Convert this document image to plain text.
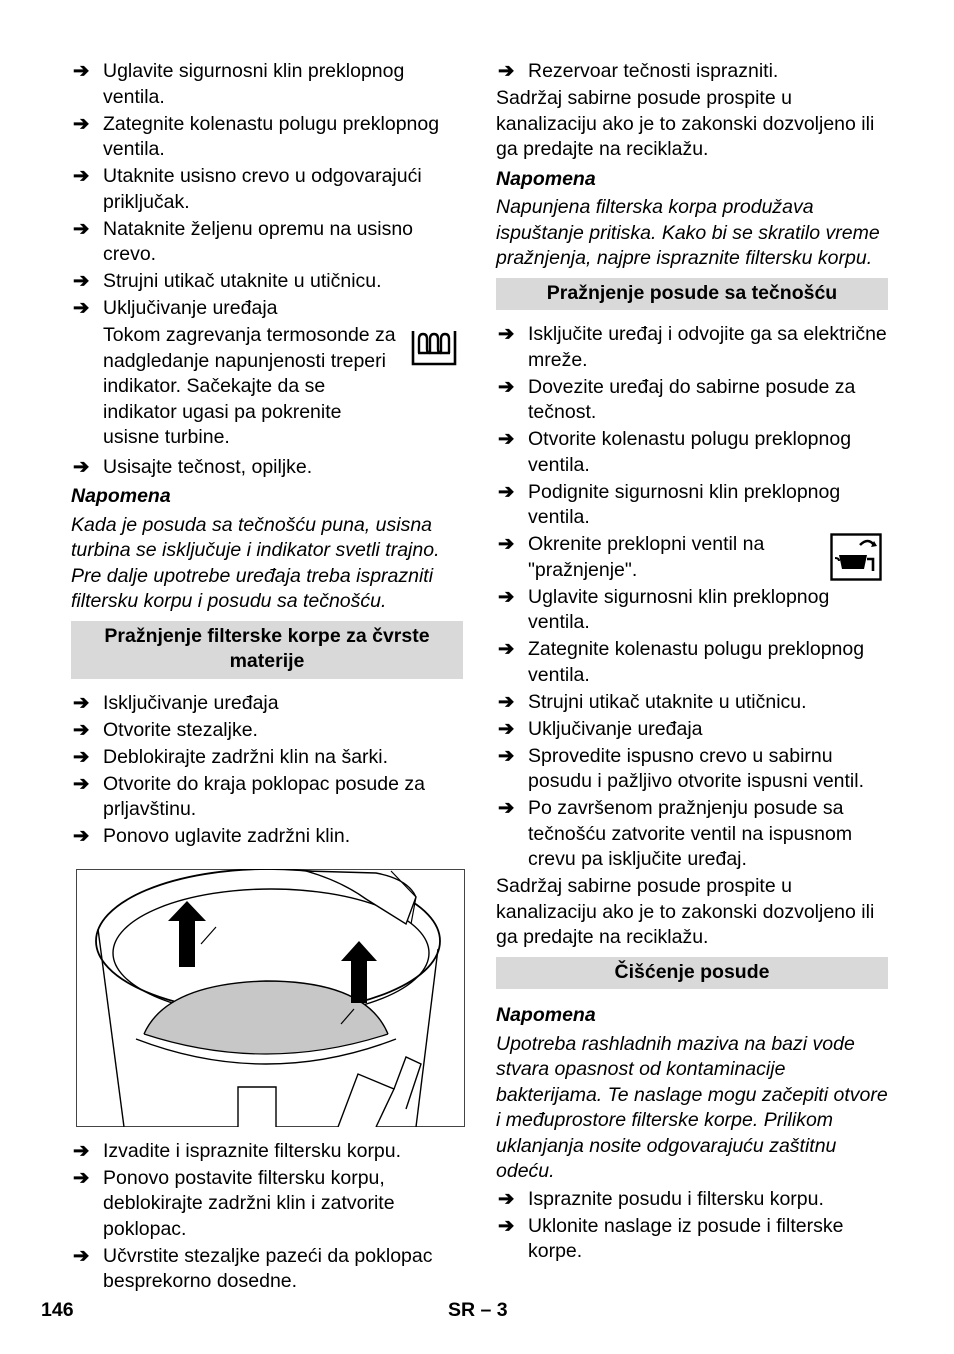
➔ Uglavite sigurnosni klin preklopnog ventila.
➔ Zategnite kolenastu polugu preklopnog ventila.
➔ Utaknite usisno crevo u odgovarajući priključak.
➔ Nataknite željenu opremu na usisno crevo.
➔ Strujni utikač utaknite u utičnicu.
➔ Uključivanje uređaja
Tokom zagrevanja termosonde za nadgledanje napunjenosti treperi indikator. Sačekajte da se indikator ugasi pa pokrenite usisne turbine.
➔ Usisajte tečnost, opiljke.
Napomena
Kada je posuda sa tečnošću puna, usisna turbina se isključuje i indikator svetli trajno. Pre dalje upotrebe uređaja treba isprazniti filtersku korpu i posudu sa tečnošću.
Pražnjenje filterske korpe za čvrste materije
➔ Isključivanje uređaja
➔ Otvorite stezaljke.
➔ Deblokirajte zadržni klin na šarki.
➔ Otvorite do kraja poklopac posude za prljavštinu.
➔ Ponovo uglavite zadržni klin.
➔ Izvadite i ispraznite filtersku korpu.
➔ Ponovo postavite filtersku korpu, deblokirajte zadržni klin i zatvorite poklopac.
➔ Učvrstite stezaljke pazeći da poklopac besprekorno dosedne.
➔ Rezervoar tečnosti isprazniti.
Sadržaj sabirne posude prospite u kanalizaciju ako je to zakonski dozvoljeno ili ga predajte na reciklažu.
Napomena
Napunjena filterska korpa produžava ispuštanje pritiska. Kako bi se skratilo vreme pražnjenja, najpre ispraznite filtersku korpu.
Pražnjenje posude sa tečnošću
➔ Isključite uređaj i odvojite ga sa električne mreže.
➔ Dovezite uređaj do sabirne posude za tečnost.
➔ Otvorite kolenastu polugu preklopnog ventila.
➔ Podignite sigurnosni klin preklopnog ventila.
➔ Okrenite preklopni ventil na "pražnjenje".
➔ Uglavite sigurnosni klin preklopnog ventila.
➔ Zategnite kolenastu polugu preklopnog ventila.
➔ Strujni utikač utaknite u utičnicu.
➔ Uključivanje uređaja
➔ Sprovedite ispusno crevo u sabirnu posudu i pažljivo otvorite ispusni ventil.
➔ Po završenom pražnjenju posude sa tečnošću zatvorite ventil na ispusnom crevu pa isključite uređaj.
Sadržaj sabirne posude prospite u kanalizaciju ako je to zakonski dozvoljeno ili ga predajte na reciklažu.
Čišćenje posude
Napomena
Upotreba rashladnih maziva na bazi vode stvara opasnost od kontaminacije bakterijama. Te naslage mogu začepiti otvore i međuprostore filterske korpe. Prilikom uklanjanja nosite odgovarajuću zaštitnu odeću.
➔ Ispraznite posudu i filtersku korpu.
➔ Uklonite naslage iz posude i filterske korpe.
146	SR – 3
